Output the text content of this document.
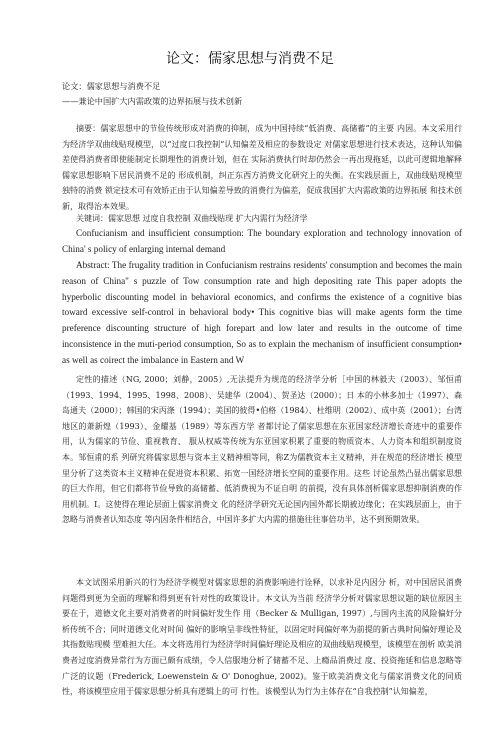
论文：儒家思想与消费不足
论文：儒家思想与消费不足
——兼论中国扩大内需政策的边界拓展与技术创新
摘要：儒家思想中的节俭传统形成对消费的抑制，成为中国持续“低消费、高储蓄”的主要 内因。本文采用行为经济学双曲线贴现模型，以“过度口我控制”认知偏差及相应的参数设定 对儒家思想进行技术表达，这种认知偏差使得消费者即使能制定长期理性的消费计划，但在 实际消费执行时却仍然会一再出现拖延，以此可逻辑地解释儒家思想影响下居民消费不足的 形成机制，纠正东西方消费文化研究上的失衡。在实践层面上，双曲线贴现模型独特的消费 锁定技术可有效矫正由于认知偏差导致的消费行为偏差，促成我国扩大内需政策的边界拓展 和技术创新，取得治本效果。
关键词：儒家思想 过度自我控制 双曲线贴现 扩大内需行为经济学
Confucianism and insufficient consumption: The boundary exploration and technology innovation of China' s policy of enlarging internal demand
Abstract: The frugality tradition in Confucianism restrains residents' consumption and becomes the main reason of China" s puzzle of Tow consumption rate and high depositing rate This paper adopts the hyperbolic discounting model in behavioral economics, and confirms the existence of a cognitive bias toward excessive self-control in behavioral body• This cognitive bias will make agents form the time preference discounting structure of high forepart and low later and results in the outcome of time inconsistence in the muti-period consumption, So as to explain the mechanism of insufficient consumption• as well as coirect the imbalance in Eastern and W
定性的描述（NG, 2000；刘静，2005）,无法提升为规范的经济学分析［中国的林毅夫（2003）、邹恒甫（1993、1994、1995、1998、2008）、吴建华（2004）、贺圣达（2000）；日 本的小林多加士（1997）、森岛通夫（2000）；韩国的宋丙涤（1994）；美国的彼得•伯格（1984）、杜维明（2002）、成中英（2001）；台湾地区的萧新煌（1993）、金耀基（1989）等东西方学 者都讨论了儒家思想在东亚国家经济增长奇迹中的重要作用，认为儒家的节俭、重视教育、 服从权威等传统为东亚国家积累了重要的物质资本、人力资本和组织制度资本。邹恒甫的系 列研究将儒家思想与资本主义精神相等同，称Z为儒教资本主义精神，并在规范的经济增长 模型里分析了这类资本主义精神在促进资本积累、拓宽一国经济增长空间的重要作用。这些 讨论虽然凸显出儒家思想的巨大作用，但它们都将节俭导致的高储蓄、低消费视为不证自明 的前提，没有具体剖析儒家思想抑制消费的作用机制。I。这使得在理论层面上儒家消费文 化的经济学研究无论国内国外都长期被边缘化；在实践层面上，由于忽略与消费者认知态度 等内因条件相结合，中国许多扩大内需的措施往往事倍功半，达不到预期效果。
本文试图采用新兴的行为经济学模型对儒家思想的消费影响进行诠释，以求补足内因分 析，对中国居民消费问题得到更为全面的理解和得到更有针对性的政策设计。本文认为当前 经济学分析对儒家思想议题的缺位原因主要在于，道德文化主要对消费者的时间偏好发生作 用（Becker & Mulligan, 1997）,与国内主流的风险偏好分析传统不合；同时道德文化对时间 偏好的影响呈非线性特征，以固定时间偏好率为前提的新古典时间偏好理论及其指数贴现模 型难担大任。本文将选用行为经济学时间偏好理论及相应的双曲线贴现模型，该模型在剖析 欧美消费者过度消费异常行为方面已颇有成绩，令人信服地分析了储蓄不足、上瘾品消费过 度、投资拖延和信息忽略等广泛的议题（Frederick, Loewenstein & O' Donoghue, 2002)。鉴于欧美消费文化与儒家消费文化的同质性，将该模型应用于儒家思想分析具有逻辑上的可 行性。该模型认为行为主体存在“自我控制”认知偏差，
